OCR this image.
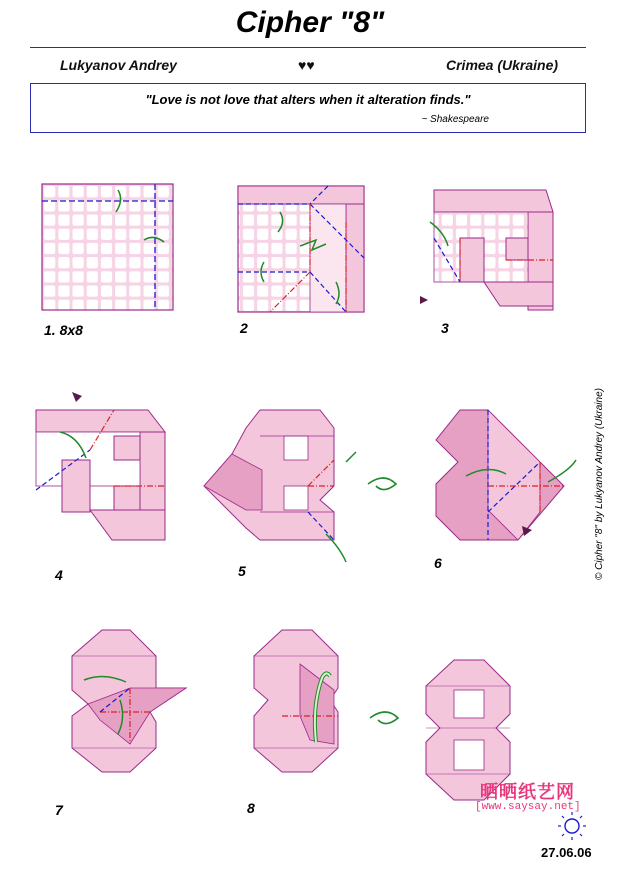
Cipher "8"
Lukyanov Andrey	♥♥	Crimea (Ukraine)
"Love is not love that alters when it alteration finds."
~ Shakespeare
1. 8x8	2	3
4	5	6
7	8
© Cipher "8" by Lukyanov Andrey (Ukraine)
晒晒纸艺网
[www.saysay.net]
27.06.06
